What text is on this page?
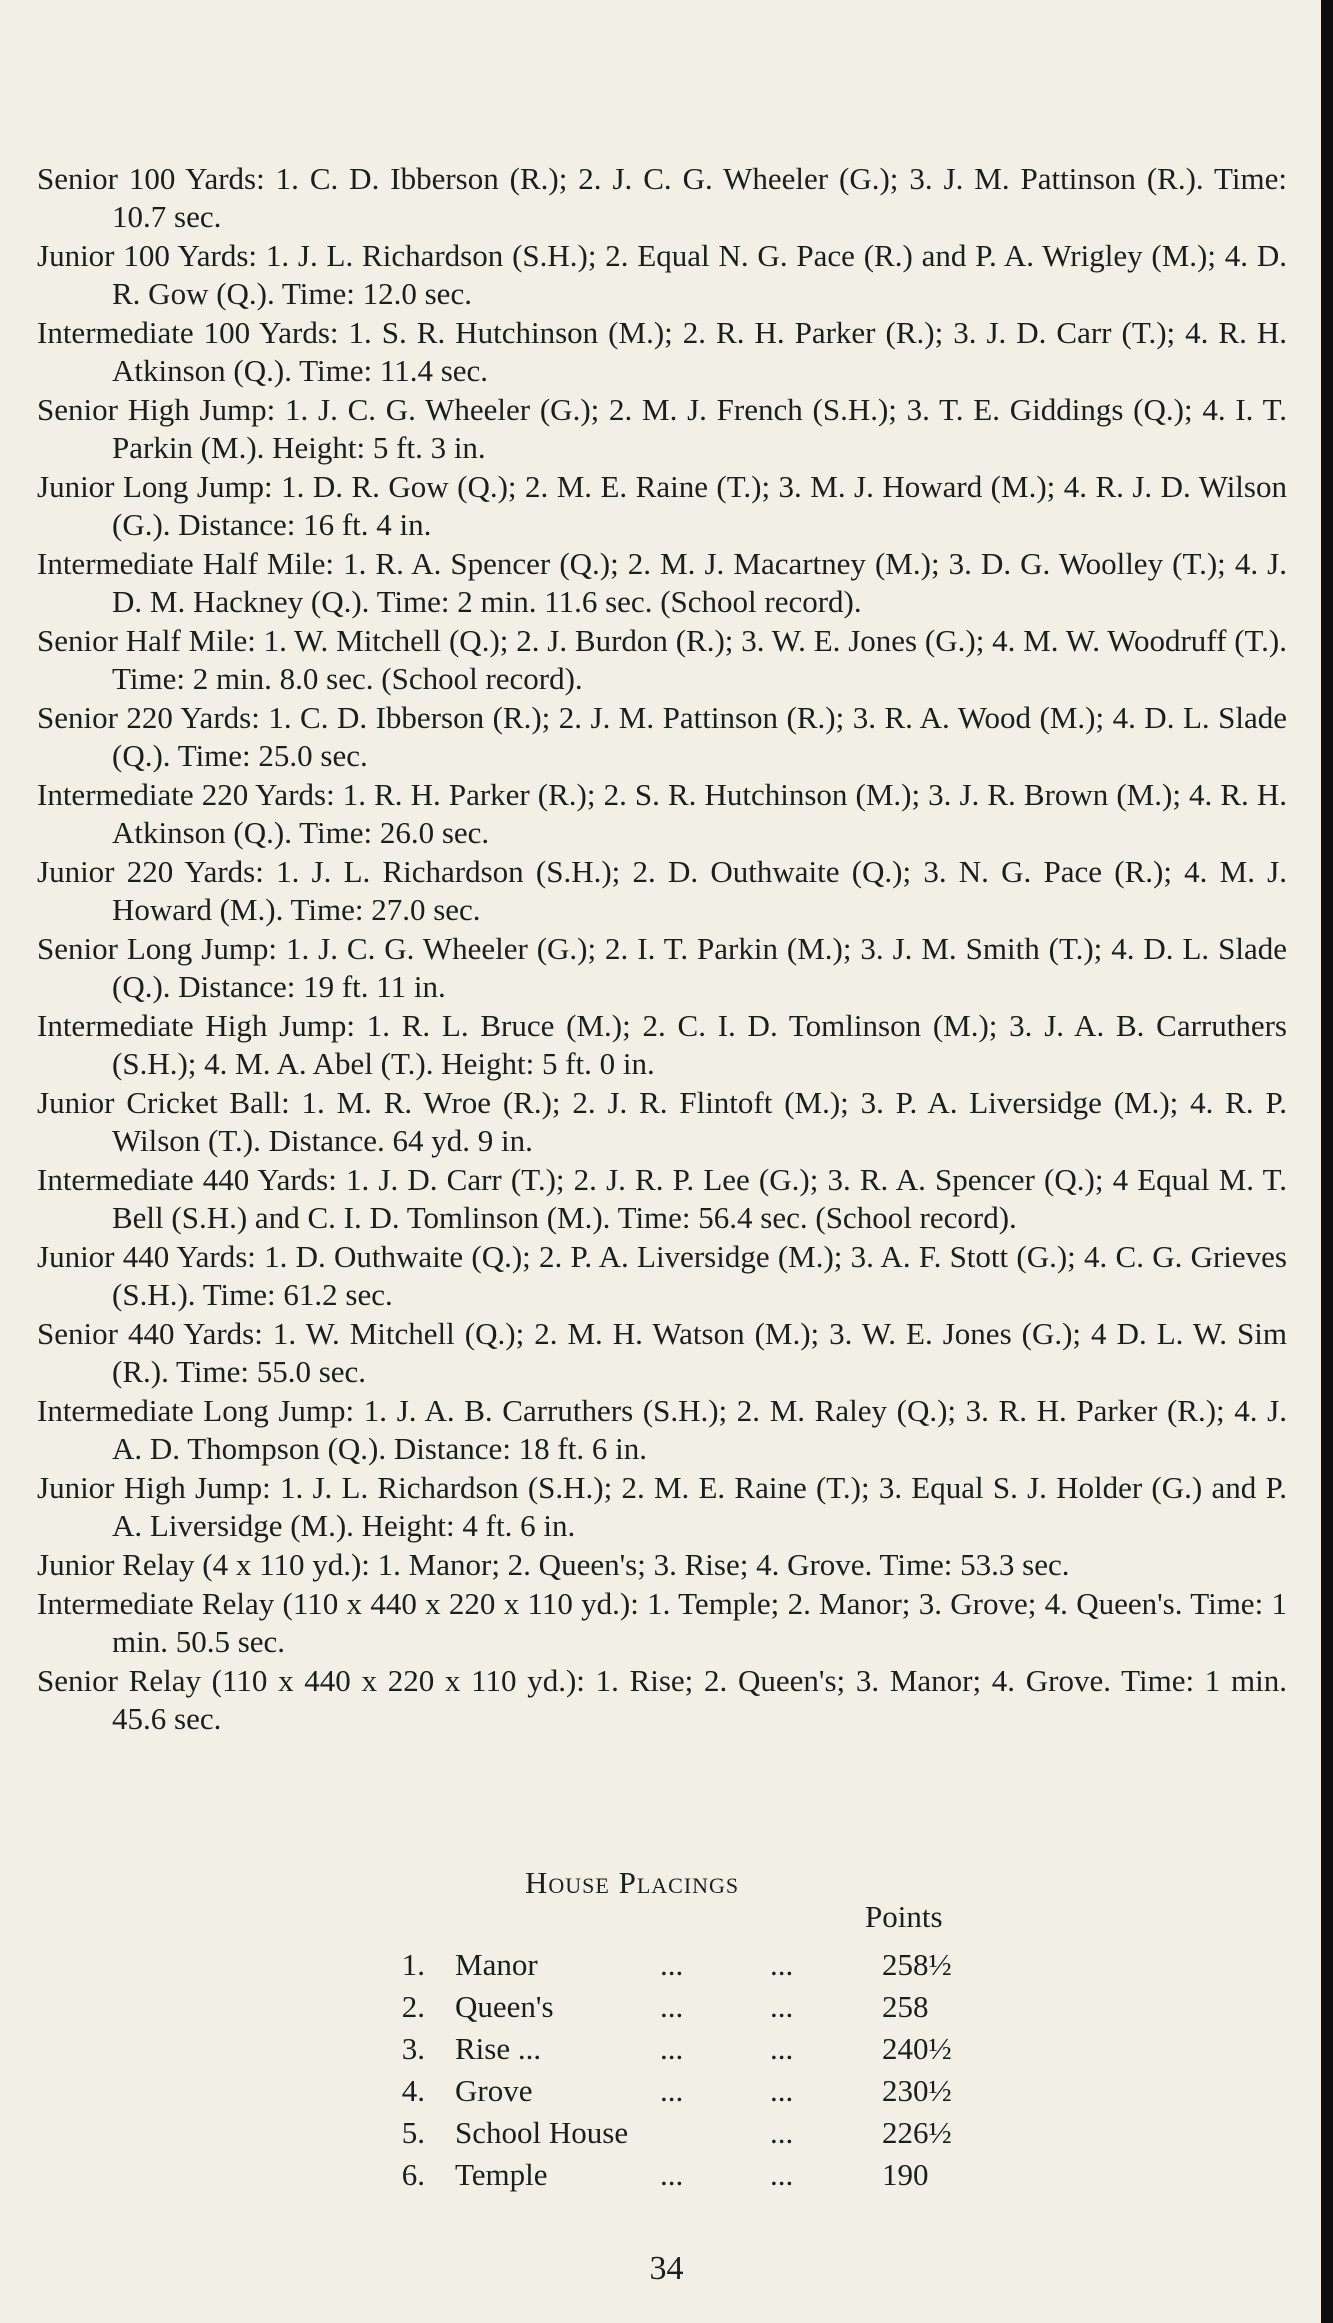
Senior 100 Yards: 1. C. D. Ibberson (R.); 2. J. C. G. Wheeler (G.); 3. J. M. Pattinson (R.). Time: 10.7 sec.

Junior 100 Yards: 1. J. L. Richardson (S.H.); 2. Equal N. G. Pace (R.) and P. A. Wrigley (M.); 4. D. R. Gow (Q.). Time: 12.0 sec.

Intermediate 100 Yards: 1. S. R. Hutchinson (M.); 2. R. H. Parker (R.); 3. J. D. Carr (T.); 4. R. H. Atkinson (Q.). Time: 11.4 sec.

Senior High Jump: 1. J. C. G. Wheeler (G.); 2. M. J. French (S.H.); 3. T. E. Giddings (Q.); 4. I. T. Parkin (M.). Height: 5 ft. 3 in.

Junior Long Jump: 1. D. R. Gow (Q.); 2. M. E. Raine (T.); 3. M. J. Howard (M.); 4. R. J. D. Wilson (G.). Distance: 16 ft. 4 in.

Intermediate Half Mile: 1. R. A. Spencer (Q.); 2. M. J. Macartney (M.); 3. D. G. Woolley (T.); 4. J. D. M. Hackney (Q.). Time: 2 min. 11.6 sec. (School record).

Senior Half Mile: 1. W. Mitchell (Q.); 2. J. Burdon (R.); 3. W. E. Jones (G.); 4. M. W. Woodruff (T.). Time: 2 min. 8.0 sec. (School record).

Senior 220 Yards: 1. C. D. Ibberson (R.); 2. J. M. Pattinson (R.); 3. R. A. Wood (M.); 4. D. L. Slade (Q.). Time: 25.0 sec.

Intermediate 220 Yards: 1. R. H. Parker (R.); 2. S. R. Hutchinson (M.); 3. J. R. Brown (M.); 4. R. H. Atkinson (Q.). Time: 26.0 sec.

Junior 220 Yards: 1. J. L. Richardson (S.H.); 2. D. Outhwaite (Q.); 3. N. G. Pace (R.); 4. M. J. Howard (M.). Time: 27.0 sec.

Senior Long Jump: 1. J. C. G. Wheeler (G.); 2. I. T. Parkin (M.); 3. J. M. Smith (T.); 4. D. L. Slade (Q.). Distance: 19 ft. 11 in.

Intermediate High Jump: 1. R. L. Bruce (M.); 2. C. I. D. Tomlinson (M.); 3. J. A. B. Carruthers (S.H.); 4. M. A. Abel (T.). Height: 5 ft. 0 in.

Junior Cricket Ball: 1. M. R. Wroe (R.); 2. J. R. Flintoft (M.); 3. P. A. Liversidge (M.); 4. R. P. Wilson (T.). Distance. 64 yd. 9 in.

Intermediate 440 Yards: 1. J. D. Carr (T.); 2. J. R. P. Lee (G.); 3. R. A. Spencer (Q.); 4 Equal M. T. Bell (S.H.) and C. I. D. Tomlinson (M.). Time: 56.4 sec. (School record).

Junior 440 Yards: 1. D. Outhwaite (Q.); 2. P. A. Liversidge (M.); 3. A. F. Stott (G.); 4. C. G. Grieves (S.H.). Time: 61.2 sec.

Senior 440 Yards: 1. W. Mitchell (Q.); 2. M. H. Watson (M.); 3. W. E. Jones (G.); 4 D. L. W. Sim (R.). Time: 55.0 sec.

Intermediate Long Jump: 1. J. A. B. Carruthers (S.H.); 2. M. Raley (Q.); 3. R. H. Parker (R.); 4. J. A. D. Thompson (Q.). Distance: 18 ft. 6 in.

Junior High Jump: 1. J. L. Richardson (S.H.); 2. M. E. Raine (T.); 3. Equal S. J. Holder (G.) and P. A. Liversidge (M.). Height: 4 ft. 6 in.

Junior Relay (4 x 110 yd.): 1. Manor; 2. Queen's; 3. Rise; 4. Grove. Time: 53.3 sec.

Intermediate Relay (110 x 440 x 220 x 110 yd.): 1. Temple; 2. Manor; 3. Grove; 4. Queen's. Time: 1 min. 50.5 sec.

Senior Relay (110 x 440 x 220 x 110 yd.): 1. Rise; 2. Queen's; 3. Manor; 4. Grove. Time: 1 min. 45.6 sec.

House Placings
Points
1. Manor	...	...	258½
2. Queen's	...	...	258
3. Rise ...	...	...	240½
4. Grove	...	...	230½
5. School House	...	226½
6. Temple	...	...	190
34
